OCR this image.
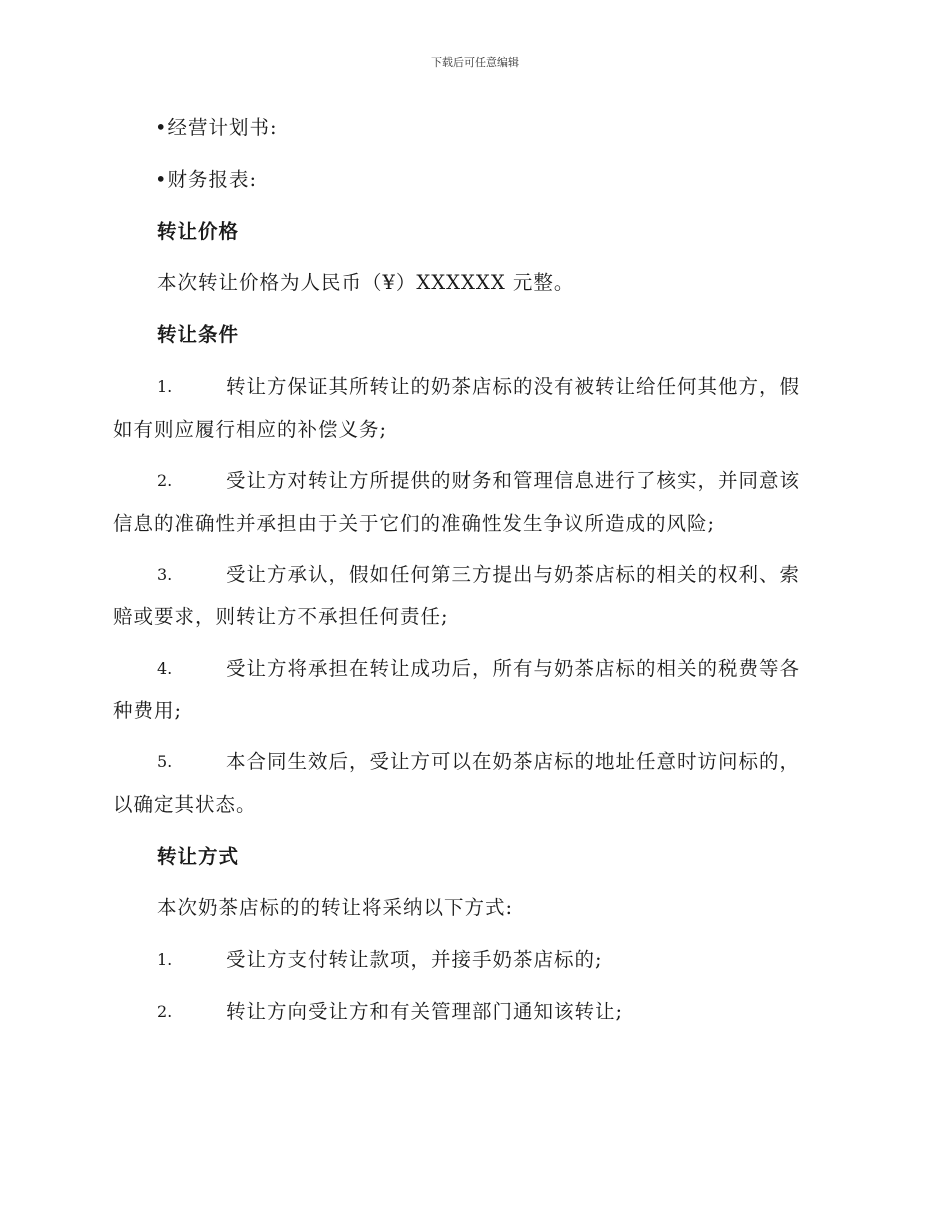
下载后可任意编辑
•经营计划书:
•财务报表:
转让价格
本次转让价格为人民币（¥）XXXXXX 元整。
转让条件
1.	转让方保证其所转让的奶茶店标的没有被转让给任何其他方，假
如有则应履行相应的补偿义务;
2.	受让方对转让方所提供的财务和管理信息进行了核实，并同意该
信息的准确性并承担由于关于它们的准确性发生争议所造成的风险;
3.	受让方承认，假如任何第三方提出与奶茶店标的相关的权利、索
赔或要求，则转让方不承担任何责任;
4.	受让方将承担在转让成功后，所有与奶茶店标的相关的税费等各
种费用;
5.	本合同生效后，受让方可以在奶茶店标的地址任意时访问标的，
以确定其状态。
转让方式
本次奶茶店标的的转让将采纳以下方式:
1.	受让方支付转让款项，并接手奶茶店标的;
2.	转让方向受让方和有关管理部门通知该转让;
